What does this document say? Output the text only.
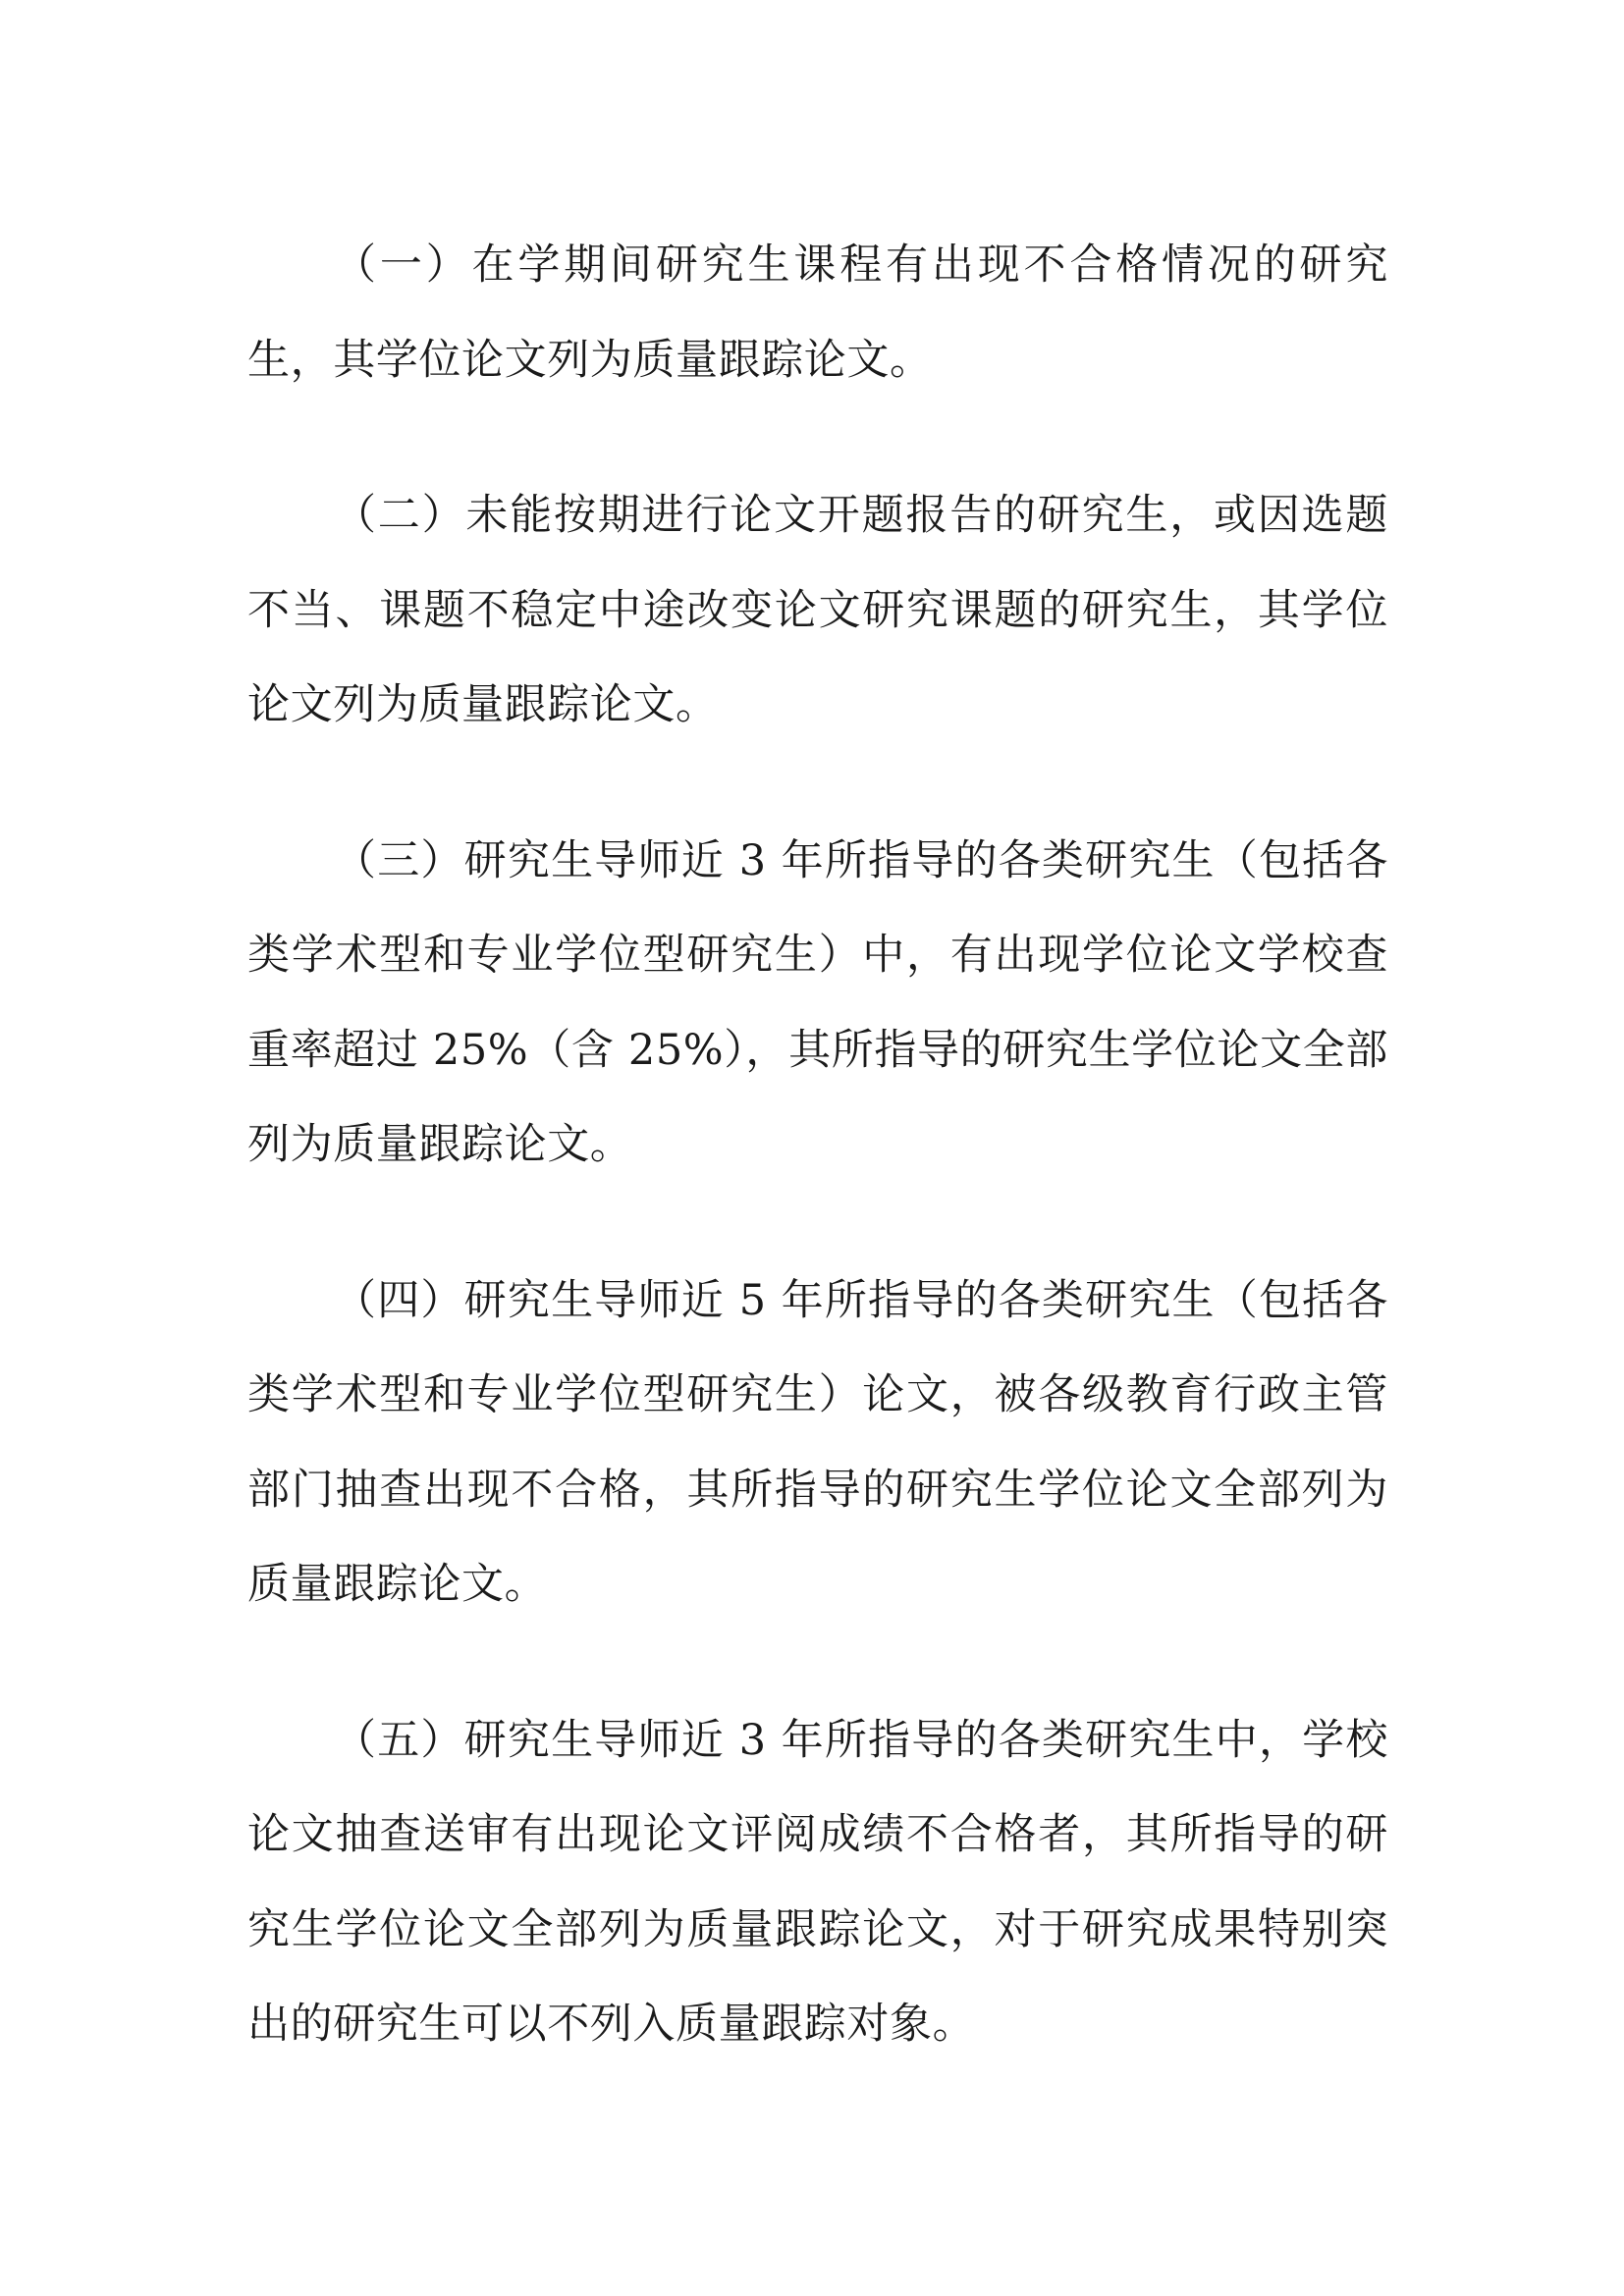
（一）在学期间研究生课程有出现不合格情况的研究生，其学位论文列为质量跟踪论文。

（二）未能按期进行论文开题报告的研究生，或因选题不当、课题不稳定中途改变论文研究课题的研究生，其学位论文列为质量跟踪论文。

（三）研究生导师近 3 年所指导的各类研究生（包括各类学术型和专业学位型研究生）中，有出现学位论文学校查重率超过 25%（含 25%），其所指导的研究生学位论文全部列为质量跟踪论文。

（四）研究生导师近 5 年所指导的各类研究生（包括各类学术型和专业学位型研究生）论文，被各级教育行政主管部门抽查出现不合格，其所指导的研究生学位论文全部列为质量跟踪论文。

（五）研究生导师近 3 年所指导的各类研究生中，学校论文抽查送审有出现论文评阅成绩不合格者，其所指导的研究生学位论文全部列为质量跟踪论文，对于研究成果特别突出的研究生可以不列入质量跟踪对象。
